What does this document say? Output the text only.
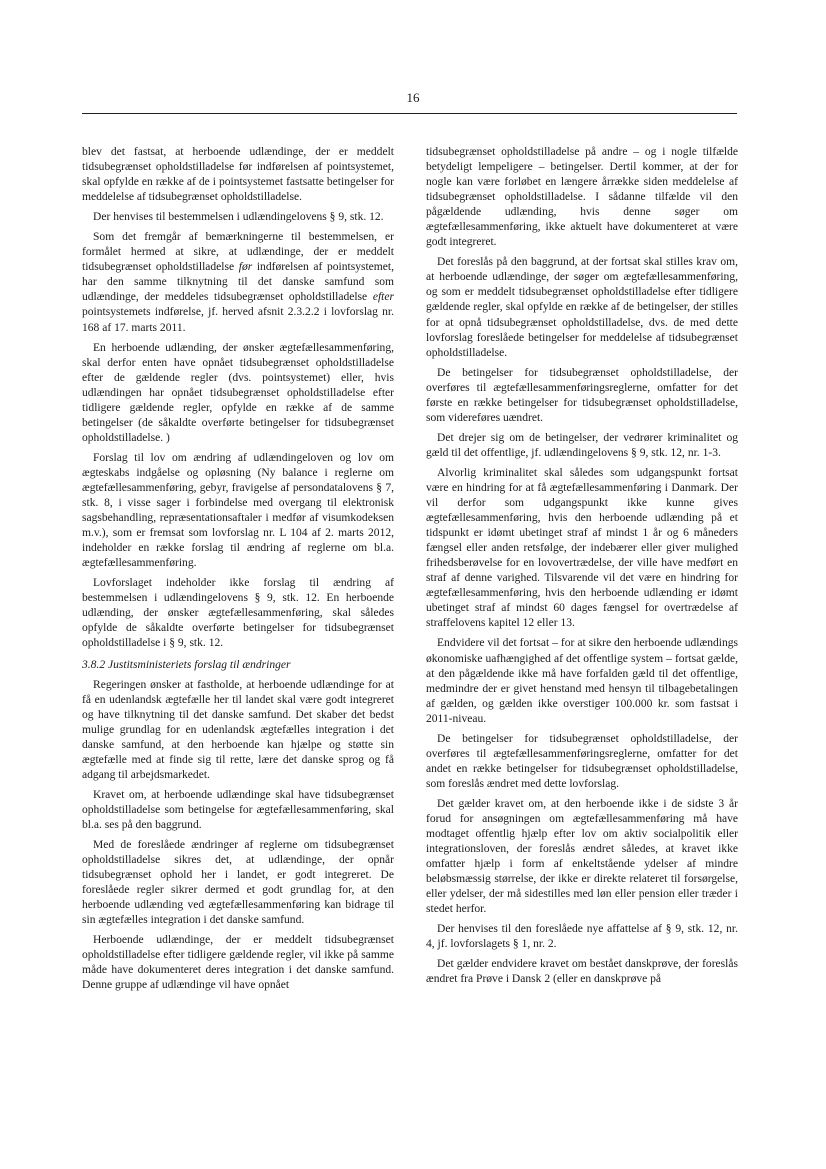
16

blev det fastsat, at herboende udlændinge, der er meddelt tidsubegrænset opholdstilladelse før indførelsen af pointsystemet, skal opfylde en række af de i pointsystemet fastsatte betingelser for meddelelse af tidsubegrænset opholdstilladelse.

Der henvises til bestemmelsen i udlændingelovens § 9, stk. 12.

Som det fremgår af bemærkningerne til bestemmelsen, er formålet hermed at sikre, at udlændinge, der er meddelt tidsubegrænset opholdstilladelse før indførelsen af pointsystemet, har den samme tilknytning til det danske samfund som udlændinge, der meddeles tidsubegrænset opholdstilladelse efter pointsystemets indførelse, jf. herved afsnit 2.3.2.2 i lovforslag nr. 168 af 17. marts 2011.

En herboende udlænding, der ønsker ægtefællesammenføring, skal derfor enten have opnået tidsubegrænset opholdstilladelse efter de gældende regler (dvs. pointsystemet) eller, hvis udlændingen har opnået tidsubegrænset opholdstilladelse efter tidligere gældende regler, opfylde en række af de samme betingelser (de såkaldte overførte betingelser for tidsubegrænset opholdstilladelse. )

Forslag til lov om ændring af udlændingeloven og lov om ægteskabs indgåelse og opløsning (Ny balance i reglerne om ægtefællesammenføring, gebyr, fravigelse af persondatalovens § 7, stk. 8, i visse sager i forbindelse med overgang til elektronisk sagsbehandling, repræsentationsaftaler i medfør af visumkodeksen m.v.), som er fremsat som lovforslag nr. L 104 af 2. marts 2012, indeholder en række forslag til ændring af reglerne om bl.a. ægtefællesammenføring.

Lovforslaget indeholder ikke forslag til ændring af bestemmelsen i udlændingelovens § 9, stk. 12. En herboende udlænding, der ønsker ægtefællesammenføring, skal således opfylde de såkaldte overførte betingelser for tidsubegrænset opholdstilladelse i § 9, stk. 12.

3.8.2 Justitsministeriets forslag til ændringer

Regeringen ønsker at fastholde, at herboende udlændinge for at få en udenlandsk ægtefælle her til landet skal være godt integreret og have tilknytning til det danske samfund. Det skaber det bedst mulige grundlag for en udenlandsk ægtefælles integration i det danske samfund, at den herboende kan hjælpe og støtte sin ægtefælle med at finde sig til rette, lære det danske sprog og få adgang til arbejdsmarkedet.

Kravet om, at herboende udlændinge skal have tidsubegrænset opholdstilladelse som betingelse for ægtefællesammenføring, skal bl.a. ses på den baggrund.

Med de foreslåede ændringer af reglerne om tidsubegrænset opholdstilladelse sikres det, at udlændinge, der opnår tidsubegrænset ophold her i landet, er godt integreret. De foreslåede regler sikrer dermed et godt grundlag for, at den herboende udlænding ved ægtefællesammenføring kan bidrage til sin ægtefælles integration i det danske samfund.

Herboende udlændinge, der er meddelt tidsubegrænset opholdstilladelse efter tidligere gældende regler, vil ikke på samme måde have dokumenteret deres integration i det danske samfund. Denne gruppe af udlændinge vil have opnået

tidsubegrænset opholdstilladelse på andre – og i nogle tilfælde betydeligt lempeligere – betingelser. Dertil kommer, at der for nogle kan være forløbet en længere årrække siden meddelelse af tidsubegrænset opholdstilladelse. I sådanne tilfælde vil den pågældende udlænding, hvis denne søger om ægtefællesammenføring, ikke aktuelt have dokumenteret at være godt integreret.

Det foreslås på den baggrund, at der fortsat skal stilles krav om, at herboende udlændinge, der søger om ægtefællesammenføring, og som er meddelt tidsubegrænset opholdstilladelse efter tidligere gældende regler, skal opfylde en række af de betingelser, der stilles for at opnå tidsubegrænset opholdstilladelse, dvs. de med dette lovforslag foreslåede betingelser for meddelelse af tidsubegrænset opholdstilladelse.

De betingelser for tidsubegrænset opholdstilladelse, der overføres til ægtefællesammenføringsreglerne, omfatter for det første en række betingelser for tidsubegrænset opholdstilladelse, som videreføres uændret.

Det drejer sig om de betingelser, der vedrører kriminalitet og gæld til det offentlige, jf. udlændingelovens § 9, stk. 12, nr. 1-3.

Alvorlig kriminalitet skal således som udgangspunkt fortsat være en hindring for at få ægtefællesammenføring i Danmark. Der vil derfor som udgangspunkt ikke kunne gives ægtefællesammenføring, hvis den herboende udlænding på et tidspunkt er idømt ubetinget straf af mindst 1 år og 6 måneders fængsel eller anden retsfølge, der indebærer eller giver mulighed frihedsberøvelse for en lovovertrædelse, der ville have medført en straf af denne varighed. Tilsvarende vil det være en hindring for ægtefællesammenføring, hvis den herboende udlænding er idømt ubetinget straf af mindst 60 dages fængsel for overtrædelse af straffelovens kapitel 12 eller 13.

Endvidere vil det fortsat – for at sikre den herboende udlændings økonomiske uafhængighed af det offentlige system – fortsat gælde, at den pågældende ikke må have forfalden gæld til det offentlige, medmindre der er givet henstand med hensyn til tilbagebetalingen af gælden, og gælden ikke overstiger 100.000 kr. som fastsat i 2011-niveau.

De betingelser for tidsubegrænset opholdstilladelse, der overføres til ægtefællesammenføringsreglerne, omfatter for det andet en række betingelser for tidsubegrænset opholdstilladelse, som foreslås ændret med dette lovforslag.

Det gælder kravet om, at den herboende ikke i de sidste 3 år forud for ansøgningen om ægtefællesammenføring må have modtaget offentlig hjælp efter lov om aktiv socialpolitik eller integrationsloven, der foreslås ændret således, at kravet ikke omfatter hjælp i form af enkeltstående ydelser af mindre beløbsmæssig størrelse, der ikke er direkte relateret til forsørgelse, eller ydelser, der må sidestilles med løn eller pension eller træder i stedet herfor.

Der henvises til den foreslåede nye affattelse af § 9, stk. 12, nr. 4, jf. lovforslagets § 1, nr. 2.

Det gælder endvidere kravet om bestået danskprøve, der foreslås ændret fra Prøve i Dansk 2 (eller en danskprøve på
